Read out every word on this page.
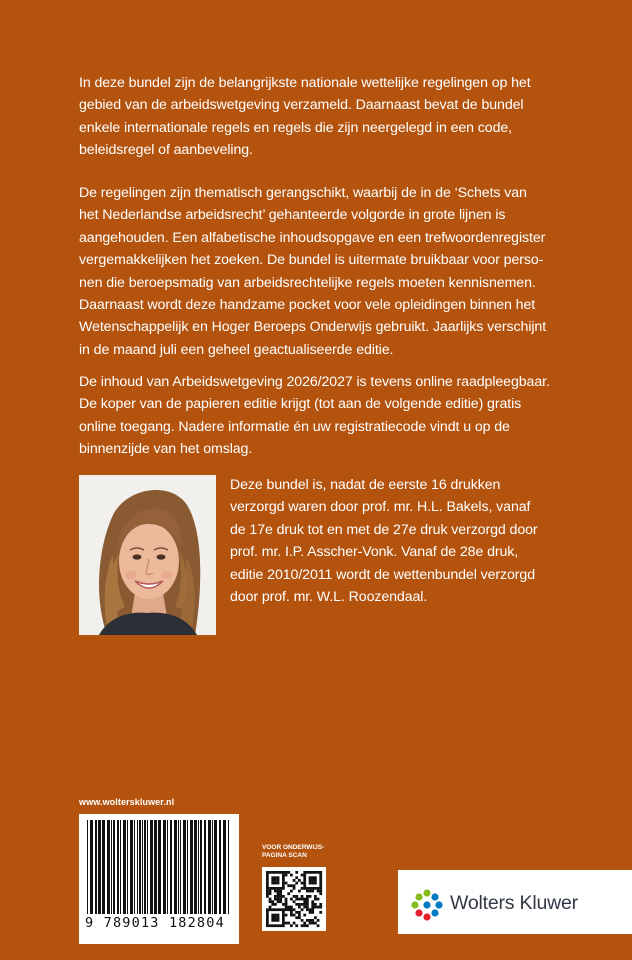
In deze bundel zijn de belangrijkste nationale wettelijke regelingen op het
gebied van de arbeidswetgeving verzameld. Daarnaast bevat de bundel
enkele internationale regels en regels die zijn neergelegd in een code,
beleidsregel of aanbeveling.

De regelingen zijn thematisch gerangschikt, waarbij de in de ‘Schets van
het Nederlandse arbeidsrecht’ gehanteerde volgorde in grote lijnen is
aangehouden. Een alfabetische inhoudsopgave en een trefwoordenregister
vergemakkelijken het zoeken. De bundel is uitermate bruikbaar voor perso-
nen die beroepsmatig van arbeidsrechtelijke regels moeten kennisnemen.
Daarnaast wordt deze handzame pocket voor vele opleidingen binnen het
Wetenschappelijk en Hoger Beroeps Onderwijs gebruikt. Jaarlijks verschijnt
in de maand juli een geheel geactualiseerde editie.

De inhoud van Arbeidswetgeving 2026/2027 is tevens online raadpleegbaar.
De koper van de papieren editie krijgt (tot aan de volgende editie) gratis
online toegang. Nadere informatie én uw registratiecode vindt u op de
binnenzijde van het omslag.

Deze bundel is, nadat de eerste 16 drukken
verzorgd waren door prof. mr. H.L. Bakels, vanaf
de 17e druk tot en met de 27e druk verzorgd door
prof. mr. I.P. Asscher-Vonk. Vanaf de 28e druk,
editie 2010/2011 wordt de wettenbundel verzorgd
door prof. mr. W.L. Roozendaal.

www.wolterskluwer.nl
9 789013 182804
VOOR ONDERWIJS- PAGINA SCAN
Wolters Kluwer
